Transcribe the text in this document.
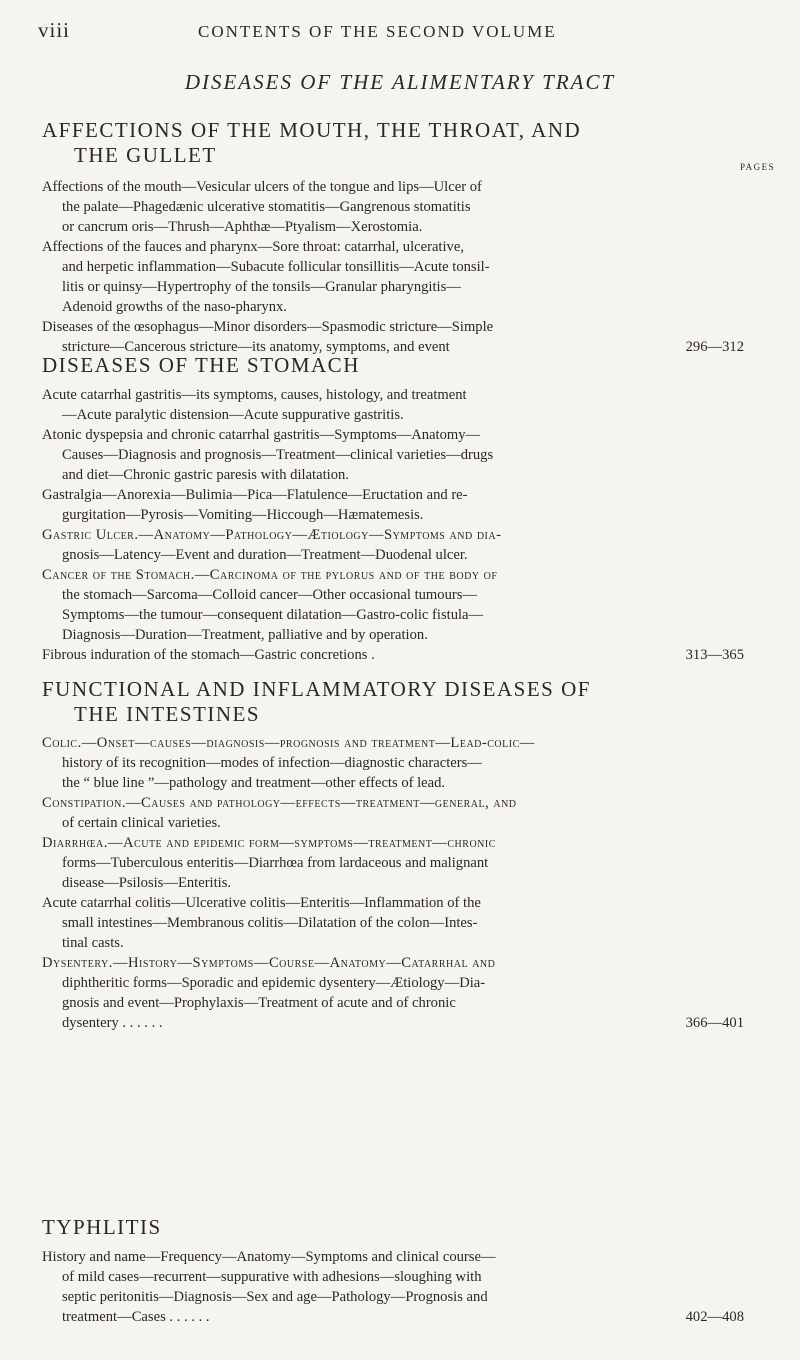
viii	CONTENTS OF THE SECOND VOLUME
DISEASES OF THE ALIMENTARY TRACT
AFFECTIONS OF THE MOUTH, THE THROAT, AND
THE GULLET	PAGES
Affections of the mouth—Vesicular ulcers of the tongue and lips—Ulcer of
the palate—Phagedænic ulcerative stomatitis—Gangrenous stomatitis
or cancrum oris—Thrush—Aphthæ—Ptyalism—Xerostomia.
Affections of the fauces and pharynx—Sore throat: catarrhal, ulcerative,
and herpetic inflammation—Subacute follicular tonsillitis—Acute tonsil-
litis or quinsy—Hypertrophy of the tonsils—Granular pharyngitis—
Adenoid growths of the naso-pharynx.
Diseases of the œsophagus—Minor disorders—Spasmodic stricture—Simple
stricture—Cancerous stricture—its anatomy, symptoms, and event	296—312
DISEASES OF THE STOMACH
Acute catarrhal gastritis—its symptoms, causes, histology, and treatment
—Acute paralytic distension—Acute suppurative gastritis.
Atonic dyspepsia and chronic catarrhal gastritis—Symptoms—Anatomy—
Causes—Diagnosis and prognosis—Treatment—clinical varieties—drugs
and diet—Chronic gastric paresis with dilatation.
Gastralgia—Anorexia—Bulimia—Pica—Flatulence—Eructation and re-
gurgitation—Pyrosis—Vomiting—Hiccough—Hæmatemesis.
Gastric Ulcer.—Anatomy—Pathology—Ætiology—Symptoms and dia-
gnosis—Latency—Event and duration—Treatment—Duodenal ulcer.
Cancer of the Stomach.—Carcinoma of the pylorus and of the body of
the stomach—Sarcoma—Colloid cancer—Other occasional tumours—
Symptoms—the tumour—consequent dilatation—Gastro-colic fistula—
Diagnosis—Duration—Treatment, palliative and by operation.
Fibrous induration of the stomach—Gastric concretions .	313—365
FUNCTIONAL AND INFLAMMATORY DISEASES OF
THE INTESTINES
Colic.—Onset—causes—diagnosis—prognosis and treatment—Lead-colic—
history of its recognition—modes of infection—diagnostic characters—
the “ blue line ”—pathology and treatment—other effects of lead.
Constipation.—Causes and pathology—effects—treatment—general, and
of certain clinical varieties.
Diarrhœa.—Acute and epidemic form—symptoms—treatment—chronic
forms—Tuberculous enteritis—Diarrhœa from lardaceous and malignant
disease—Psilosis—Enteritis.
Acute catarrhal colitis—Ulcerative colitis—Enteritis—Inflammation of the
small intestines—Membranous colitis—Dilatation of the colon—Intes-
tinal casts.
Dysentery.—History—Symptoms—Course—Anatomy—Catarrhal and
diphtheritic forms—Sporadic and epidemic dysentery—Ætiology—Dia-
gnosis and event—Prophylaxis—Treatment of acute and of chronic
dysentery . . . . . .	366—401
TYPHLITIS
History and name—Frequency—Anatomy—Symptoms and clinical course—
of mild cases—recurrent—suppurative with adhesions—sloughing with
septic peritonitis—Diagnosis—Sex and age—Pathology—Prognosis and
treatment—Cases . . . . . .	402—408
